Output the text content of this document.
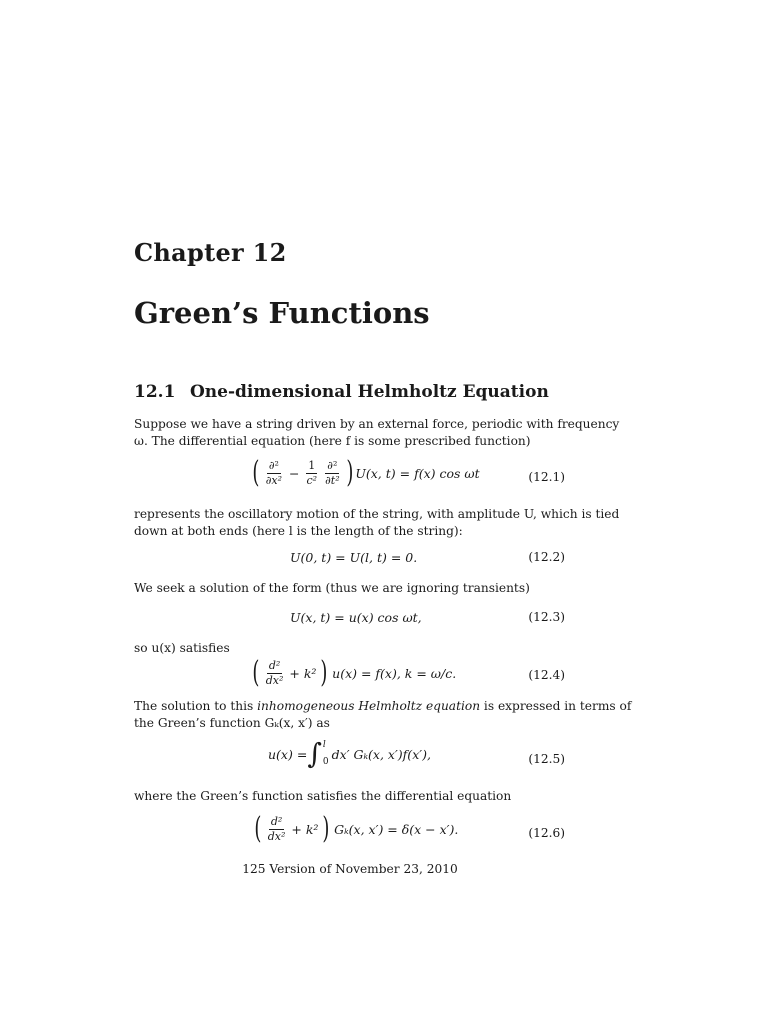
Chapter 12
Green’s Functions
12.1 One-dimensional Helmholtz Equation
Suppose we have a string driven by an external force, periodic with frequency
ω. The differential equation (here f is some prescribed function)
( $\frac{\text{∂²}}{\text{∂x²}} - \frac{1}{\text{c²}} \frac{\text{∂²}}{\text{∂t²}}$ ) U(x, t) = f(x) cos ωt	(12.1)
represents the oscillatory motion of the string, with amplitude U, which is tied
down at both ends (here l is the length of the string):
U(0, t) = U(l, t) = 0.	(12.2)
We seek a solution of the form (thus we are ignoring transients)
U(x, t) = u(x) cos ωt,	(12.3)
so u(x) satisfies
( $\frac{\text{d²}}{\text{dx²}} + k^2$ ) u(x) = f(x), k = ω/c.	(12.4)
The solution to this inhomogeneous Helmholtz equation is expressed in terms of
the Green’s function Gₖ(x, x′) as
u(x) = ∫ l
0
dx′ Gₖ(x, x′)f(x′),	(12.5)
where the Green’s function satisfies the differential equation
( $\frac{\text{d²}}{\text{dx²}} + k^2$ ) Gₖ(x, x′) = δ(x − x′).	(12.6)
125 Version of November 23, 2010
